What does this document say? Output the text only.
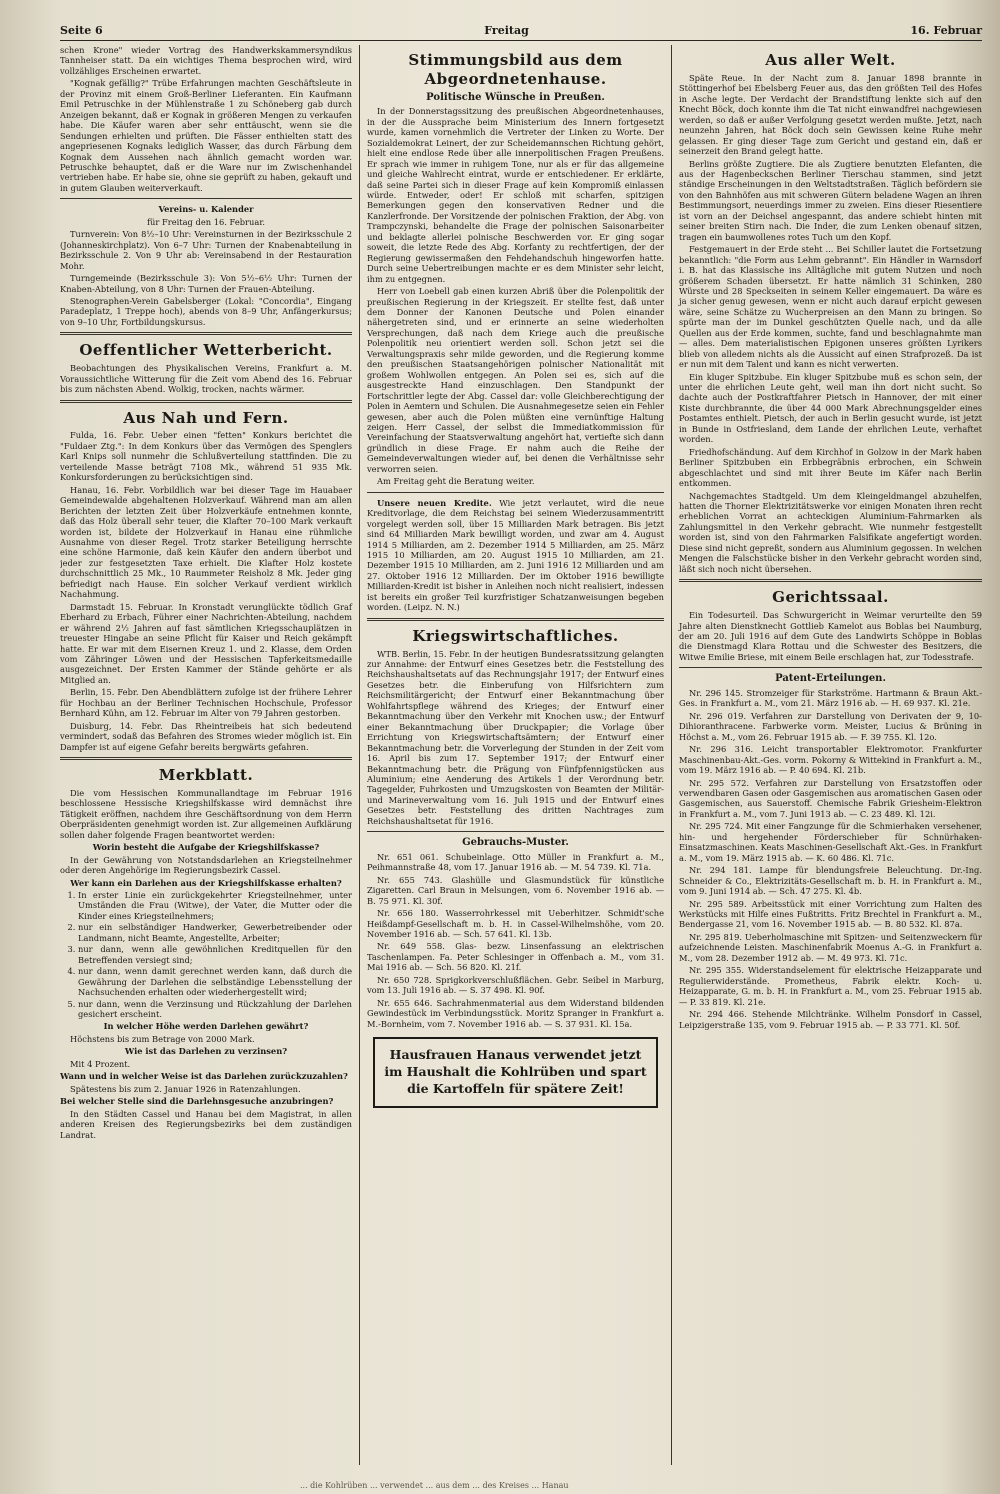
Seite 6	Freitag	16. Februar

schen Krone" wieder Vortrag des Handwerkskammersyndikus Tannheiser statt. Da ein wichtiges Thema besprochen wird, wird vollzähliges Erscheinen erwartet.

"Kognak gefällig?" Trübe Erfahrungen machten Geschäftsleute in der Provinz mit einem Groß-Berliner Lieferanten. Ein Kaufmann Emil Petruschke in der Mühlenstraße 1 zu Schöneberg gab durch Anzeigen bekannt, daß er Kognak in größeren Mengen zu verkaufen habe. Die Käufer waren aber sehr enttäuscht, wenn sie die Sendungen erhielten und prüften. Die Fässer enthielten statt des angepriesenen Kognaks lediglich Wasser, das durch Färbung dem Kognak dem Aussehen nach ähnlich gemacht worden war. Petruschke behauptet, daß er die Ware nur im Zwischenhandel vertrieben habe. Er habe sie, ohne sie geprüft zu haben, gekauft und in gutem Glauben weiterverkauft.

Vereins- u. Kalender

für Freitag den 16. Februar.

Turnverein: Von 8½–10 Uhr: Vereinsturnen in der Bezirksschule 2 (Johanneskirchplatz). Von 6–7 Uhr: Turnen der Knabenabteilung in Bezirksschule 2. Von 9 Uhr ab: Vereinsabend in der Restauration Mohr.

Turngemeinde (Bezirksschule 3): Von 5½–6½ Uhr: Turnen der Knaben-Abteilung, von 8 Uhr: Turnen der Frauen-Abteilung.

Stenographen-Verein Gabelsberger (Lokal: "Concordia", Eingang Paradeplatz, 1 Treppe hoch), abends von 8–9 Uhr, Anfängerkursus; von 9–10 Uhr, Fortbildungskursus.

Oeffentlicher Wetterbericht.

Beobachtungen des Physikalischen Vereins, Frankfurt a. M. Voraussichtliche Witterung für die Zeit vom Abend des 16. Februar bis zum nächsten Abend. Wolkig, trocken, nachts wärmer.

Aus Nah und Fern.

Fulda, 16. Febr. Ueber einen "fetten" Konkurs berichtet die "Fuldaer Ztg.": In dem Konkurs über das Vermögen des Spenglers Karl Knips soll nunmehr die Schlußverteilung stattfinden. Die zu verteilende Masse beträgt 7108 Mk., während 51 935 Mk. Konkursforderungen zu berücksichtigen sind.

Hanau, 16. Febr. Vorbildlich war bei dieser Tage im Hauabaer Gemeindewalde abgehaltenen Holzverkauf. Während man am allen Berichten der letzten Zeit über Holzverkäufe entnehmen konnte, daß das Holz überall sehr teuer, die Klafter 70–100 Mark verkauft worden ist, bildete der Holzverkauf in Hanau eine rühmliche Ausnahme von dieser Regel. Trotz starker Beteiligung herrschte eine schöne Harmonie, daß kein Käufer den andern überbot und jeder zur festgesetzten Taxe erhielt. Die Klafter Holz kostete durchschnittlich 25 Mk., 10 Raummeter Reisholz 8 Mk. Jeder ging befriedigt nach Hause. Ein solcher Verkauf verdient wirklich Nachahmung.

Darmstadt 15. Februar. In Kronstadt verunglückte tödlich Graf Eberhard zu Erbach, Führer einer Nachrichten-Abteilung, nachdem er während 2½ Jahren auf fast sämtlichen Kriegsschauplätzen in treuester Hingabe an seine Pflicht für Kaiser und Reich gekämpft hatte. Er war mit dem Eisernen Kreuz 1. und 2. Klasse, dem Orden vom Zähringer Löwen und der Hessischen Tapferkeitsmedaille ausgezeichnet. Der Ersten Kammer der Stände gehörte er als Mitglied an.

Berlin, 15. Febr. Den Abendblättern zufolge ist der frühere Lehrer für Hochbau an der Berliner Technischen Hochschule, Professor Bernhard Kühn, am 12. Februar im Alter von 79 Jahren gestorben.

Duisburg, 14. Febr. Das Rheintreibeis hat sich bedeutend vermindert, sodaß das Befahren des Stromes wieder möglich ist. Ein Dampfer ist auf eigene Gefahr bereits bergwärts gefahren.

Merkblatt.

Die vom Hessischen Kommunallandtage im Februar 1916 beschlossene Hessische Kriegshilfskasse wird demnächst ihre Tätigkeit eröffnen, nachdem ihre Geschäftsordnung von dem Herrn Oberpräsidenten genehmigt worden ist. Zur allgemeinen Aufklärung sollen daher folgende Fragen beantwortet werden:

Worin besteht die Aufgabe der Kriegshilfskasse?

In der Gewährung von Notstandsdarlehen an Kriegsteilnehmer oder deren Angehörige im Regierungsbezirk Cassel.

Wer kann ein Darlehen aus der Kriegshilfskasse erhalten?

1. In erster Linie ein zurückgekehrter Kriegsteilnehmer, unter Umständen die Frau (Witwe), der Vater, die Mutter oder die Kinder eines Kriegsteilnehmers;
2. nur ein selbständiger Handwerker, Gewerbetreibender oder Landmann, nicht Beamte, Angestellte, Arbeiter;
3. nur dann, wenn alle gewöhnlichen Kreditquellen für den Betreffenden versiegt sind;
4. nur dann, wenn damit gerechnet werden kann, daß durch die Gewährung der Darlehen die selbständige Lebensstellung der Nachsuchenden erhalten oder wiederhergestellt wird;
5. nur dann, wenn die Verzinsung und Rückzahlung der Darlehen gesichert erscheint.

In welcher Höhe werden Darlehen gewährt?

Höchstens bis zum Betrage von 2000 Mark.

Wie ist das Darlehen zu verzinsen?

Mit 4 Prozent.

Wann und in welcher Weise ist das Darlehen zurückzuzahlen?

Spätestens bis zum 2. Januar 1926 in Ratenzahlungen.

Bei welcher Stelle sind die Darlehnsgesuche anzubringen?

In den Städten Cassel und Hanau bei dem Magistrat, in allen anderen Kreisen des Regierungsbezirks bei dem zuständigen Landrat.

Stimmungsbild aus dem Abgeordnetenhause.
Politische Wünsche in Preußen.

In der Donnerstagssitzung des preußischen Abgeordnetenhauses, in der die Aussprache beim Ministerium des Innern fortgesetzt wurde, kamen vornehmlich die Vertreter der Linken zu Worte. Der Sozialdemokrat Leinert, der zur Scheidemannschen Richtung gehört, hielt eine endlose Rede über alle innerpolitischen Fragen Preußens. Er sprach wie immer in ruhigem Tone, nur als er für das allgemeine und gleiche Wahlrecht eintrat, wurde er entschiedener. Er erklärte, daß seine Partei sich in dieser Frage auf kein Kompromiß einlassen würde. Entweder, oder! Er schloß mit scharfen, spitzigen Bemerkungen gegen den konservativen Redner und die Kanzlerfronde. Der Vorsitzende der polnischen Fraktion, der Abg. von Trampczynski, behandelte die Frage der polnischen Saisonarbeiter und beklagte allerlei polnische Beschwerden vor. Er ging sogar soweit, die letzte Rede des Abg. Korfanty zu rechtfertigen, der der Regierung gewissermaßen den Fehdehandschuh hingeworfen hatte. Durch seine Uebertreibungen machte er es dem Minister sehr leicht, ihm zu entgegnen.

Herr von Loebell gab einen kurzen Abriß über die Polenpolitik der preußischen Regierung in der Kriegszeit. Er stellte fest, daß unter dem Donner der Kanonen Deutsche und Polen einander nähergetreten sind, und er erinnerte an seine wiederholten Versprechungen, daß nach dem Kriege auch die preußische Polenpolitik neu orientiert werden soll. Schon jetzt sei die Verwaltungspraxis sehr milde geworden, und die Regierung komme den preußischen Staatsangehörigen polnischer Nationalität mit großem Wohlwollen entgegen. An Polen sei es, sich auf die ausgestreckte Hand einzuschlagen. Den Standpunkt der Fortschrittler legte der Abg. Cassel dar: volle Gleichberechtigung der Polen in Aemtern und Schulen. Die Ausnahmegesetze seien ein Fehler gewesen, aber auch die Polen müßten eine vernünftige Haltung zeigen. Herr Cassel, der selbst die Immediatkommission für Vereinfachung der Staatsverwaltung angehört hat, vertiefte sich dann gründlich in diese Frage. Er nahm auch die Reihe der Gemeindeverwaltungen wieder auf, bei denen die Verhältnisse sehr verworren seien.

Am Freitag geht die Beratung weiter.

Unsere neuen Kredite. Wie jetzt verlautet, wird die neue Kreditvorlage, die dem Reichstag bei seinem Wiederzusammentritt vorgelegt werden soll, über 15 Milliarden Mark betragen. Bis jetzt sind 64 Milliarden Mark bewilligt worden, und zwar am 4. August 1914 5 Milliarden, am 2. Dezember 1914 5 Milliarden, am 25. März 1915 10 Milliarden, am 20. August 1915 10 Milliarden, am 21. Dezember 1915 10 Milliarden, am 2. Juni 1916 12 Milliarden und am 27. Oktober 1916 12 Milliarden. Der im Oktober 1916 bewilligte Milliarden-Kredit ist bisher in Anleihen noch nicht realisiert, indessen ist bereits ein großer Teil kurzfristiger Schatzanweisungen begeben worden. (Leipz. N. N.)

Kriegswirtschaftliches.

WTB. Berlin, 15. Febr. In der heutigen Bundesratssitzung gelangten zur Annahme: der Entwurf eines Gesetzes betr. die Feststellung des Reichshaushaltsetats auf das Rechnungsjahr 1917; der Entwurf eines Gesetzes betr. die Einberufung von Hilfsrichtern zum Reichsmilitärgericht; der Entwurf einer Bekanntmachung über Wohlfahrtspflege während des Krieges; der Entwurf einer Bekanntmachung über den Verkehr mit Knochen usw.; der Entwurf einer Bekanntmachung über Druckpapier; die Vorlage über Errichtung von Kriegswirtschaftsämtern; der Entwurf einer Bekanntmachung betr. die Vorverlegung der Stunden in der Zeit vom 16. April bis zum 17. September 1917; der Entwurf einer Bekanntmachung betr. die Prägung von Fünfpfennigstücken aus Aluminium; eine Aenderung des Artikels 1 der Verordnung betr. Tagegelder, Fuhrkosten und Umzugskosten von Beamten der Militär- und Marineverwaltung vom 16. Juli 1915 und der Entwurf eines Gesetzes betr. Feststellung des dritten Nachtrages zum Reichshaushaltsetat für 1916.

Gebrauchs-Muster.

Nr. 651 061. Schubeinlage. Otto Müller in Frankfurt a. M., Peihmannstraße 48, vom 17. Januar 1916 ab. — M. 54 739. Kl. 71a.

Nr. 655 743. Glashülle und Glasmundstück für künstliche Zigaretten. Carl Braun in Melsungen, vom 6. November 1916 ab. — B. 75 971. Kl. 30f.

Nr. 656 180. Wasserrohrkessel mit Ueberhitzer. Schmidt'sche Heißdampf-Gesellschaft m. b. H. in Cassel-Wilhelmshöhe, vom 20. November 1916 ab. — Sch. 57 641. Kl. 13b.

Nr. 649 558. Glas- bezw. Linsenfassung an elektrischen Taschenlampen. Fa. Peter Schlesinger in Offenbach a. M., vom 31. Mai 1916 ab. — Sch. 56 820. Kl. 21f.

Nr. 650 728. Sprigkorkverschlußflächen. Gebr. Seibel in Marburg, vom 13. Juli 1916 ab. — S. 37 498. Kl. 90f.

Nr. 655 646. Sachrahmenmaterial aus dem Widerstand bildenden Gewindestück im Verbindungsstück. Moritz Spranger in Frankfurt a. M.-Bornheim, vom 7. November 1916 ab. — S. 37 931. Kl. 15a.

Hausfrauen Hanaus verwendet jetzt im Haushalt die Kohlrüben und spart die Kartoffeln für spätere Zeit!
Aus aller Welt.

Späte Reue. In der Nacht zum 8. Januar 1898 brannte in Stöttingerhof bei Ebelsberg Feuer aus, das den größten Teil des Hofes in Asche legte. Der Verdacht der Brandstiftung lenkte sich auf den Knecht Böck, doch konnte ihm die Tat nicht einwandfrei nachgewiesen werden, so daß er außer Verfolgung gesetzt werden mußte. Jetzt, nach neunzehn Jahren, hat Böck doch sein Gewissen keine Ruhe mehr gelassen. Er ging dieser Tage zum Gericht und gestand ein, daß er seinerzeit den Brand gelegt hatte.

Berlins größte Zugtiere. Die als Zugtiere benutzten Elefanten, die aus der Hagenbeckschen Berliner Tierschau stammen, sind jetzt ständige Erscheinungen in den Weltstadtstraßen. Täglich befördern sie von den Bahnhöfen aus mit schweren Gütern beladene Wagen an ihren Bestimmungsort, neuerdings immer zu zweien. Eins dieser Riesentiere ist vorn an der Deichsel angespannt, das andere schiebt hinten mit seiner breiten Stirn nach. Die Inder, die zum Lenken obenauf sitzen, tragen ein baumwollenes rotes Tuch um den Kopf.

Festgemauert in der Erde steht ... Bei Schiller lautet die Fortsetzung bekanntlich: "die Form aus Lehm gebrannt". Ein Händler in Warnsdorf i. B. hat das Klassische ins Alltägliche mit gutem Nutzen und noch größerem Schaden übersetzt. Er hatte nämlich 31 Schinken, 280 Würste und 28 Speckseiten in seinem Keller eingemauert. Da wäre es ja sicher genug gewesen, wenn er nicht auch darauf erpicht gewesen wäre, seine Schätze zu Wucherpreisen an den Mann zu bringen. So spürte man der im Dunkel geschützten Quelle nach, und da alle Quellen aus der Erde kommen, suchte, fand und beschlagnahmte man — alles. Dem materialistischen Epigonen unseres größten Lyrikers blieb von alledem nichts als die Aussicht auf einen Strafprozeß. Da ist er nun mit dem Talent und kann es nicht verwerten.

Ein kluger Spitzbube. Ein kluger Spitzbube muß es schon sein, der unter die ehrlichen Leute geht, weil man ihn dort nicht sucht. So dachte auch der Postkraftfahrer Pietsch in Hannover, der mit einer Kiste durchbrannte, die über 44 000 Mark Abrechnungsgelder eines Postamtes enthielt. Pietsch, der auch in Berlin gesucht wurde, ist jetzt in Bunde in Ostfriesland, dem Lande der ehrlichen Leute, verhaftet worden.

Friedhofschändung. Auf dem Kirchhof in Golzow in der Mark haben Berliner Spitzbuben ein Erbbegräbnis erbrochen, ein Schwein abgeschlachtet und sind mit ihrer Beute im Käfer nach Berlin entkommen.

Nachgemachtes Stadtgeld. Um dem Kleingeldmangel abzuhelfen, hatten die Thorner Elektrizitätswerke vor einigen Monaten ihren recht erheblichen Vorrat an achteckigen Aluminium-Fahrmarken als Zahlungsmittel in den Verkehr gebracht. Wie nunmehr festgestellt worden ist, sind von den Fahrmarken Falsifikate angefertigt worden. Diese sind nicht gepreßt, sondern aus Aluminium gegossen. In welchen Mengen die Falschstücke bisher in den Verkehr gebracht worden sind, läßt sich noch nicht übersehen.

Gerichtssaal.

Ein Todesurteil. Das Schwurgericht in Weimar verurteilte den 59 Jahre alten Dienstknecht Gottlieb Kamelot aus Boblas bei Naumburg, der am 20. Juli 1916 auf dem Gute des Landwirts Schöppe in Boblas die Dienstmagd Klara Rottau und die Schwester des Besitzers, die Witwe Emilie Briese, mit einem Beile erschlagen hat, zur Todesstrafe.

Patent-Erteilungen.

Nr. 296 145. Stromzeiger für Starkströme. Hartmann & Braun Akt.-Ges. in Frankfurt a. M., vom 21. März 1916 ab. — H. 69 937. Kl. 21e.

Nr. 296 019. Verfahren zur Darstellung von Derivaten der 9, 10-Dihioranthracene. Farbwerke vorm. Meister, Lucius & Brüning in Höchst a. M., vom 26. Februar 1915 ab. — F. 39 755. Kl. 12o.

Nr. 296 316. Leicht transportabler Elektromotor. Frankfurter Maschinenbau-Akt.-Ges. vorm. Pokorny & Wittekind in Frankfurt a. M., vom 19. März 1916 ab. — P. 40 694. Kl. 21b.

Nr. 295 572. Verfahren zur Darstellung von Ersatzstoffen oder verwendbaren Gasen oder Gasgemischen aus aromatischen Gasen oder Gasgemischen, aus Sauerstoff. Chemische Fabrik Griesheim-Elektron in Frankfurt a. M., vom 7. Juni 1913 ab. — C. 23 489. Kl. 12i.

Nr. 295 724. Mit einer Fangzunge für die Schmierhaken versehener, hin- und hergehender Förderschieber für Schnürhaken-Einsatzmaschinen. Keats Maschinen-Gesellschaft Akt.-Ges. in Frankfurt a. M., vom 19. März 1915 ab. — K. 60 486. Kl. 71c.

Nr. 294 181. Lampe für blendungsfreie Beleuchtung. Dr.-Ing. Schneider & Co., Elektrizitäts-Gesellschaft m. b. H. in Frankfurt a. M., vom 9. Juni 1914 ab. — Sch. 47 275. Kl. 4b.

Nr. 295 589. Arbeitsstück mit einer Vorrichtung zum Halten des Werkstücks mit Hilfe eines Fußtritts. Fritz Brechtel in Frankfurt a. M., Bendergasse 21, vom 16. November 1915 ab. — B. 80 532. Kl. 87a.

Nr. 295 819. Ueberholmaschine mit Spitzen- und Seitenzweckern für aufzeichnende Leisten. Maschinenfabrik Moenus A.-G. in Frankfurt a. M., vom 28. Dezember 1912 ab. — M. 49 973. Kl. 71c.

Nr. 295 355. Widerstandselement für elektrische Heizapparate und Regulierwiderstände. Prometheus, Fabrik elektr. Koch- u. Heizapparate, G. m. b. H. in Frankfurt a. M., vom 25. Februar 1915 ab. — P. 33 819. Kl. 21e.

Nr. 294 466. Stehende Milchtränke. Wilhelm Ponsdorf in Cassel, Leipzigerstraße 135, vom 9. Februar 1915 ab. — P. 33 771. Kl. 50f.

... die Kohlrüben ... verwendet ... aus dem ... des Kreises ... Hanau
